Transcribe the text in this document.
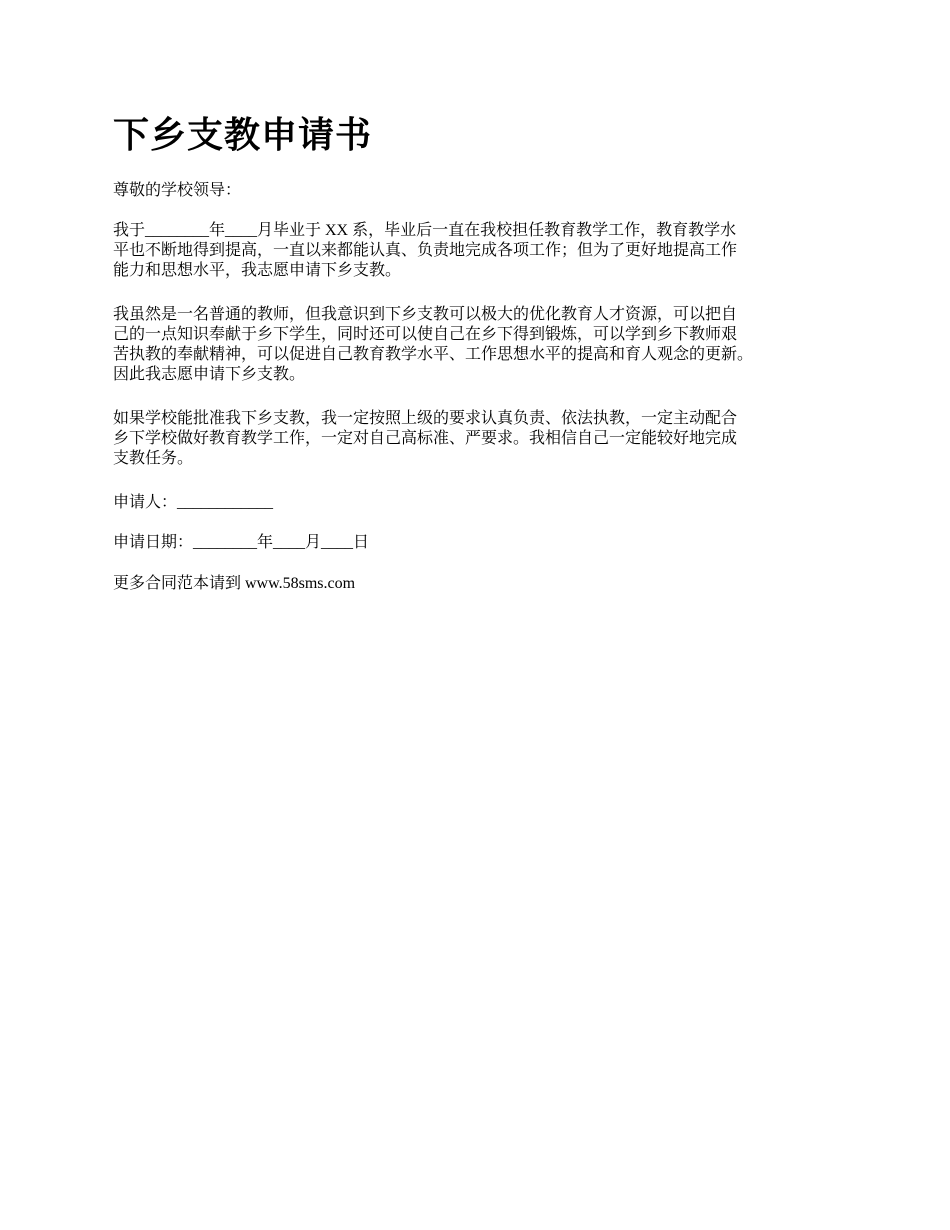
下乡支教申请书

尊敬的学校领导：

我于________年____月毕业于 XX 系，毕业后一直在我校担任教育教学工作，教育教学水
平也不断地得到提高，一直以来都能认真、负责地完成各项工作；但为了更好地提高工作
能力和思想水平，我志愿申请下乡支教。

我虽然是一名普通的教师，但我意识到下乡支教可以极大的优化教育人才资源，可以把自
己的一点知识奉献于乡下学生，同时还可以使自己在乡下得到锻炼，可以学到乡下教师艰
苦执教的奉献精神，可以促进自己教育教学水平、工作思想水平的提高和育人观念的更新。
因此我志愿申请下乡支教。

如果学校能批准我下乡支教，我一定按照上级的要求认真负责、依法执教，一定主动配合
乡下学校做好教育教学工作，一定对自己高标准、严要求。我相信自己一定能较好地完成
支教任务。

申请人：____________

申请日期：________年____月____日

更多合同范本请到 www.58sms.com
